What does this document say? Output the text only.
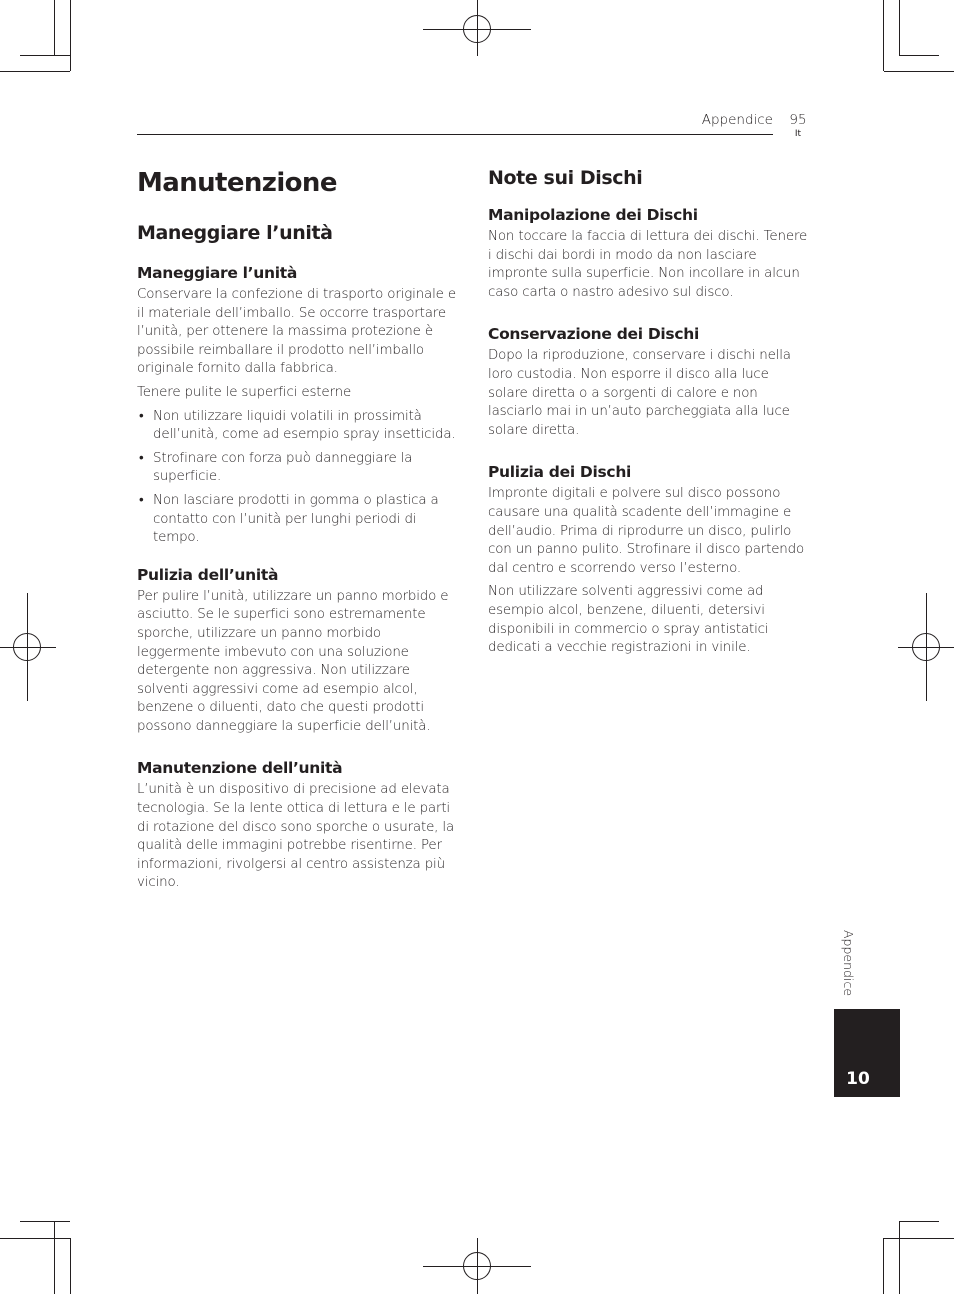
Appendice 95
It
Manutenzione
Maneggiare l’unità
Maneggiare l’unità

Conservare la confezione di trasporto originale e il materiale dell’imballo. Se occorre trasportare l’unità, per ottenere la massima protezione è possibile reimballare il prodotto nell’imballo originale fornito dalla fabbrica.

Tenere pulite le superfici esterne

• Non utilizzare liquidi volatili in prossimità dell’unità, come ad esempio spray insetticida.
• Strofinare con forza può danneggiare la superficie.
• Non lasciare prodotti in gomma o plastica a contatto con l’unità per lunghi periodi di tempo.
Pulizia dell’unità

Per pulire l’unità, utilizzare un panno morbido e asciutto. Se le superfici sono estremamente sporche, utilizzare un panno morbido leggermente imbevuto con una soluzione detergente non aggressiva. Non utilizzare solventi aggressivi come ad esempio alcol, benzene o diluenti, dato che questi prodotti possono danneggiare la superficie dell’unità.

Manutenzione dell’unità

L’unità è un dispositivo di precisione ad elevata tecnologia. Se la lente ottica di lettura e le parti di rotazione del disco sono sporche o usurate, la qualità delle immagini potrebbe risentirne. Per informazioni, rivolgersi al centro assistenza più vicino.

Note sui Dischi
Manipolazione dei Dischi

Non toccare la faccia di lettura dei dischi. Tenere i dischi dai bordi in modo da non lasciare impronte sulla superficie. Non incollare in alcun caso carta o nastro adesivo sul disco.

Conservazione dei Dischi

Dopo la riproduzione, conservare i dischi nella loro custodia. Non esporre il disco alla luce solare diretta o a sorgenti di calore e non lasciarlo mai in un’auto parcheggiata alla luce solare diretta.

Pulizia dei Dischi

Impronte digitali e polvere sul disco possono causare una qualità scadente dell’immagine e dell’audio. Prima di riprodurre un disco, pulirlo con un panno pulito. Strofinare il disco partendo dal centro e scorrendo verso l’esterno.

Non utilizzare solventi aggressivi come ad esempio alcol, benzene, diluenti, detersivi disponibili in commercio o spray antistatici dedicati a vecchie registrazioni in vinile.

Appendice
10
